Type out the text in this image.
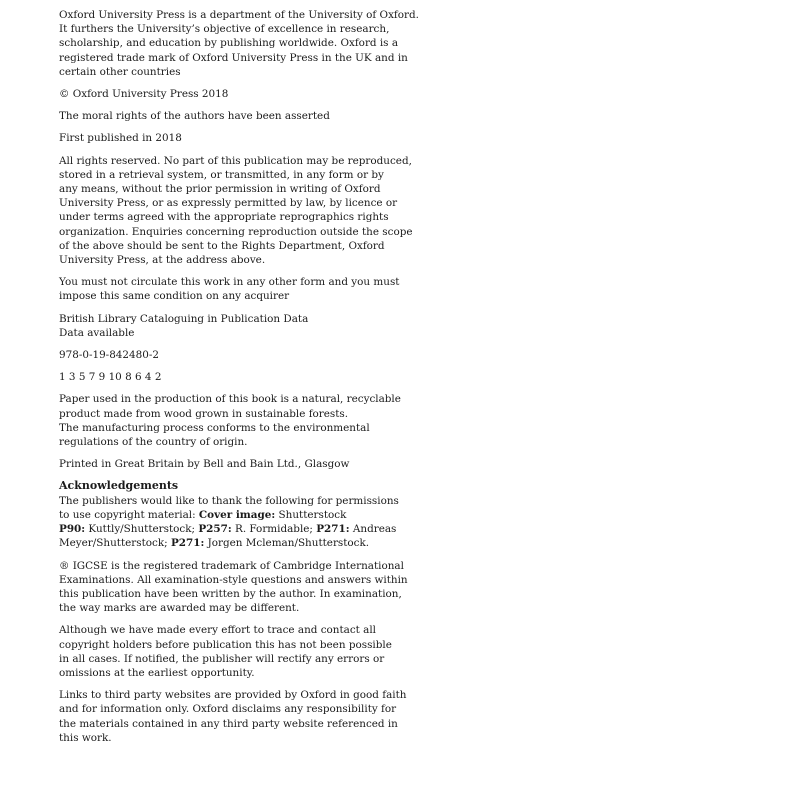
Oxford University Press is a department of the University of Oxford.
It furthers the University’s objective of excellence in research,
scholarship, and education by publishing worldwide. Oxford is a
registered trade mark of Oxford University Press in the UK and in
certain other countries
© Oxford University Press 2018
The moral rights of the authors have been asserted
First published in 2018
All rights reserved. No part of this publication may be reproduced,
stored in a retrieval system, or transmitted, in any form or by
any means, without the prior permission in writing of Oxford
University Press, or as expressly permitted by law, by licence or
under terms agreed with the appropriate reprographics rights
organization. Enquiries concerning reproduction outside the scope
of the above should be sent to the Rights Department, Oxford
University Press, at the address above.
You must not circulate this work in any other form and you must
impose this same condition on any acquirer
British Library Cataloguing in Publication Data
Data available
978-0-19-842480-2
1 3 5 7 9 10 8 6 4 2
Paper used in the production of this book is a natural, recyclable
product made from wood grown in sustainable forests.
The manufacturing process conforms to the environmental
regulations of the country of origin.
Printed in Great Britain by Bell and Bain Ltd., Glasgow
Acknowledgements
The publishers would like to thank the following for permissions
to use copyright material: Cover image: Shutterstock
P90: Kuttly/Shutterstock; P257: R. Formidable; P271: Andreas
Meyer/Shutterstock; P271: Jorgen Mcleman/Shutterstock.
® IGCSE is the registered trademark of Cambridge International
Examinations. All examination-style questions and answers within
this publication have been written by the author. In examination,
the way marks are awarded may be different.
Although we have made every effort to trace and contact all
copyright holders before publication this has not been possible
in all cases. If notified, the publisher will rectify any errors or
omissions at the earliest opportunity.
Links to third party websites are provided by Oxford in good faith
and for information only. Oxford disclaims any responsibility for
the materials contained in any third party website referenced in
this work.
